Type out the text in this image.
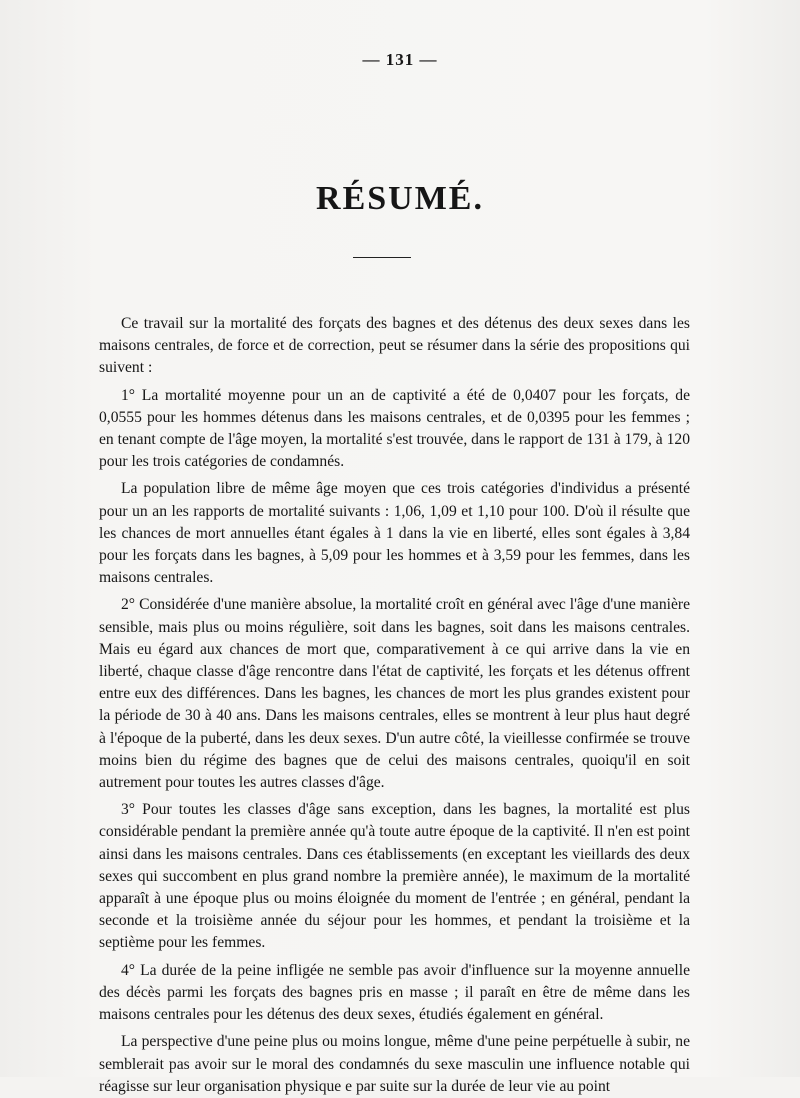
— 131 —
RÉSUMÉ.

Ce travail sur la mortalité des forçats des bagnes et des détenus des deux sexes dans les maisons centrales, de force et de correction, peut se résumer dans la série des propositions qui suivent :

1° La mortalité moyenne pour un an de captivité a été de 0,0407 pour les forçats, de 0,0555 pour les hommes détenus dans les maisons centrales, et de 0,0395 pour les femmes ; en tenant compte de l'âge moyen, la mortalité s'est trouvée, dans le rapport de 131 à 179, à 120 pour les trois catégories de condamnés.

La population libre de même âge moyen que ces trois catégories d'individus a présenté pour un an les rapports de mortalité suivants : 1,06, 1,09 et 1,10 pour 100. D'où il résulte que les chances de mort annuelles étant égales à 1 dans la vie en liberté, elles sont égales à 3,84 pour les forçats dans les bagnes, à 5,09 pour les hommes et à 3,59 pour les femmes, dans les maisons centrales.

2° Considérée d'une manière absolue, la mortalité croît en général avec l'âge d'une manière sensible, mais plus ou moins régulière, soit dans les bagnes, soit dans les maisons centrales. Mais eu égard aux chances de mort que, comparativement à ce qui arrive dans la vie en liberté, chaque classe d'âge rencontre dans l'état de captivité, les forçats et les détenus offrent entre eux des différences. Dans les bagnes, les chances de mort les plus grandes existent pour la période de 30 à 40 ans. Dans les maisons centrales, elles se montrent à leur plus haut degré à l'époque de la puberté, dans les deux sexes. D'un autre côté, la vieillesse confirmée se trouve moins bien du régime des bagnes que de celui des maisons centrales, quoiqu'il en soit autrement pour toutes les autres classes d'âge.

3° Pour toutes les classes d'âge sans exception, dans les bagnes, la mortalité est plus considérable pendant la première année qu'à toute autre époque de la captivité. Il n'en est point ainsi dans les maisons centrales. Dans ces établissements (en exceptant les vieillards des deux sexes qui succombent en plus grand nombre la première année), le maximum de la mortalité apparaît à une époque plus ou moins éloignée du moment de l'entrée ; en général, pendant la seconde et la troisième année du séjour pour les hommes, et pendant la troisième et la septième pour les femmes.

4° La durée de la peine infligée ne semble pas avoir d'influence sur la moyenne annuelle des décès parmi les forçats des bagnes pris en masse ; il paraît en être de même dans les maisons centrales pour les détenus des deux sexes, étudiés également en général.

La perspective d'une peine plus ou moins longue, même d'une peine perpétuelle à subir, ne semblerait pas avoir sur le moral des condamnés du sexe masculin une influence notable qui réagisse sur leur organisation physique e par suite sur la durée de leur vie au point
